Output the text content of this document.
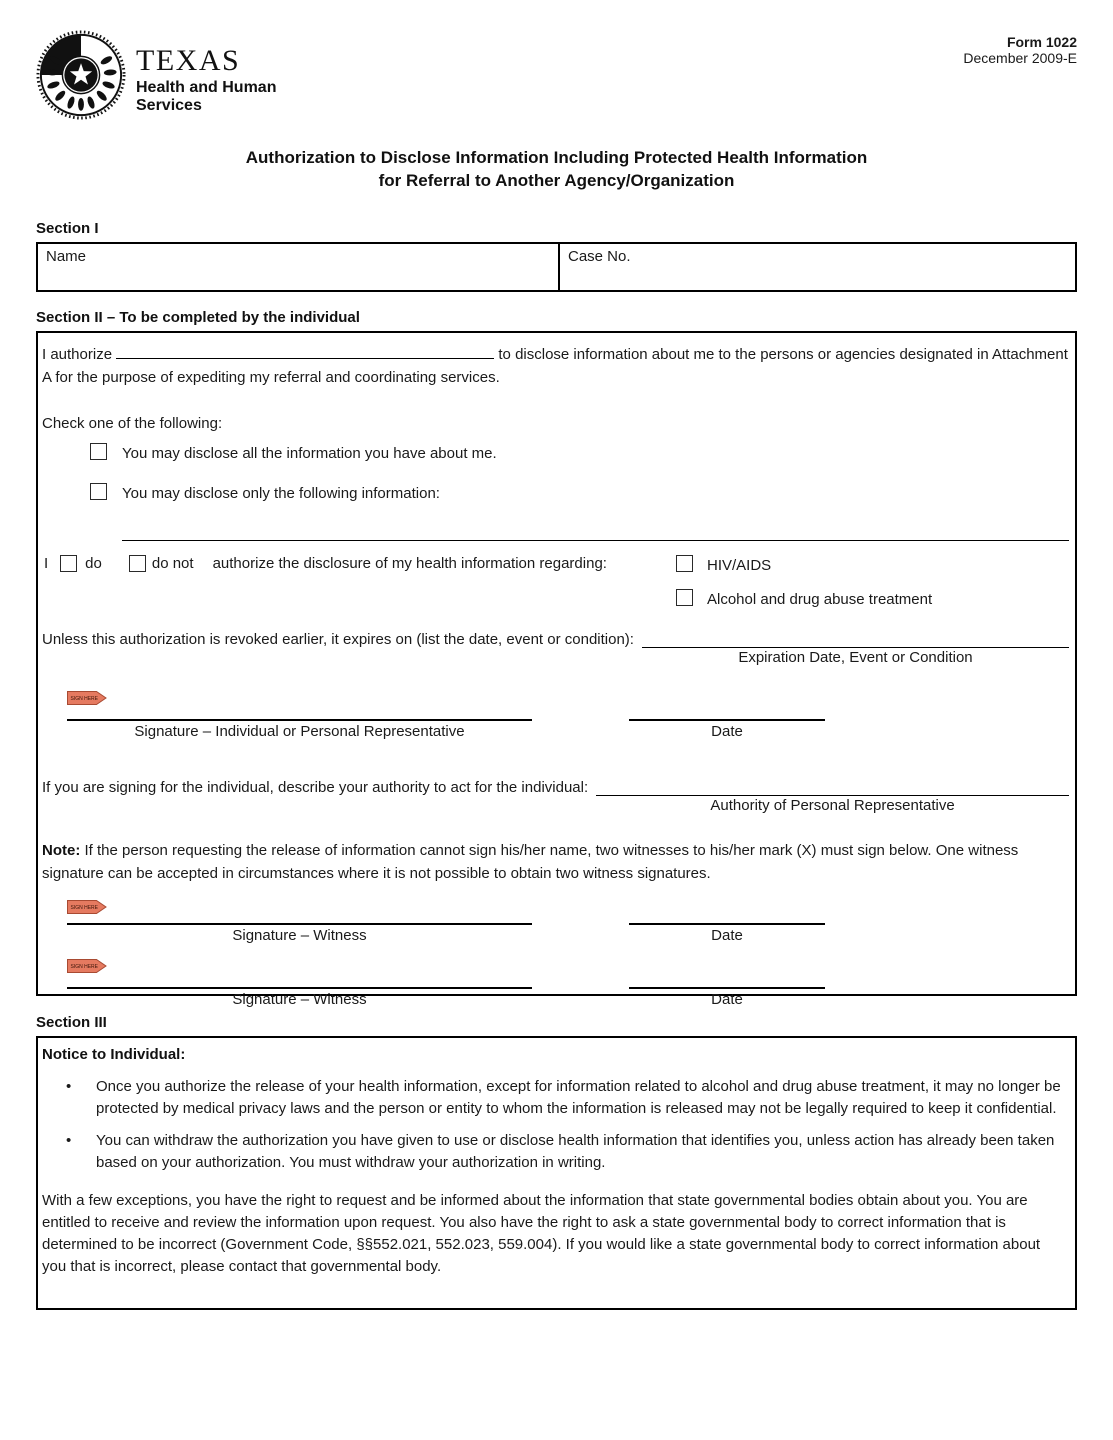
TEXAS
Health and Human
Services
Form 1022
December 2009-E
Authorization to Disclose Information Including Protected Health Information
for Referral to Another Agency/Organization
Section I
Name	Case No.
Section II – To be completed by the individual

I authorize	to disclose information about me to the persons or agencies designated in Attachment A for the purpose of expediting my referral and coordinating services.

Check one of the following:
You may disclose all the information you have about me.
You may disclose only the following information:
I do	do not authorize the disclosure of my health information regarding:	HIV/AIDS
Alcohol and drug abuse treatment
Unless this authorization is revoked earlier, it expires on (list the date, event or condition):
Expiration Date, Event or Condition
SIGN HERE
Signature – Individual or Personal Representative	Date
If you are signing for the individual, describe your authority to act for the individual:
Authority of Personal Representative

Note: If the person requesting the release of information cannot sign his/her name, two witnesses to his/her mark (X) must sign below. One witness signature can be accepted in circumstances where it is not possible to obtain two witness signatures.

SIGN HERE
Signature – Witness	Date
SIGN HERE
Signature – Witness	Date
Section III
Notice to Individual:
•	Once you authorize the release of your health information, except for information related to alcohol and drug abuse treatment, it may no longer be protected by medical privacy laws and the person or entity to whom the information is released may not be legally required to keep it confidential.
•	You can withdraw the authorization you have given to use or disclose health information that identifies you, unless action has already been taken based on your authorization. You must withdraw your authorization in writing.

With a few exceptions, you have the right to request and be informed about the information that state governmental bodies obtain about you. You are entitled to receive and review the information upon request. You also have the right to ask a state governmental body to correct information that is determined to be incorrect (Government Code, §§552.021, 552.023, 559.004). If you would like a state governmental body to correct information about you that is incorrect, please contact that governmental body.
